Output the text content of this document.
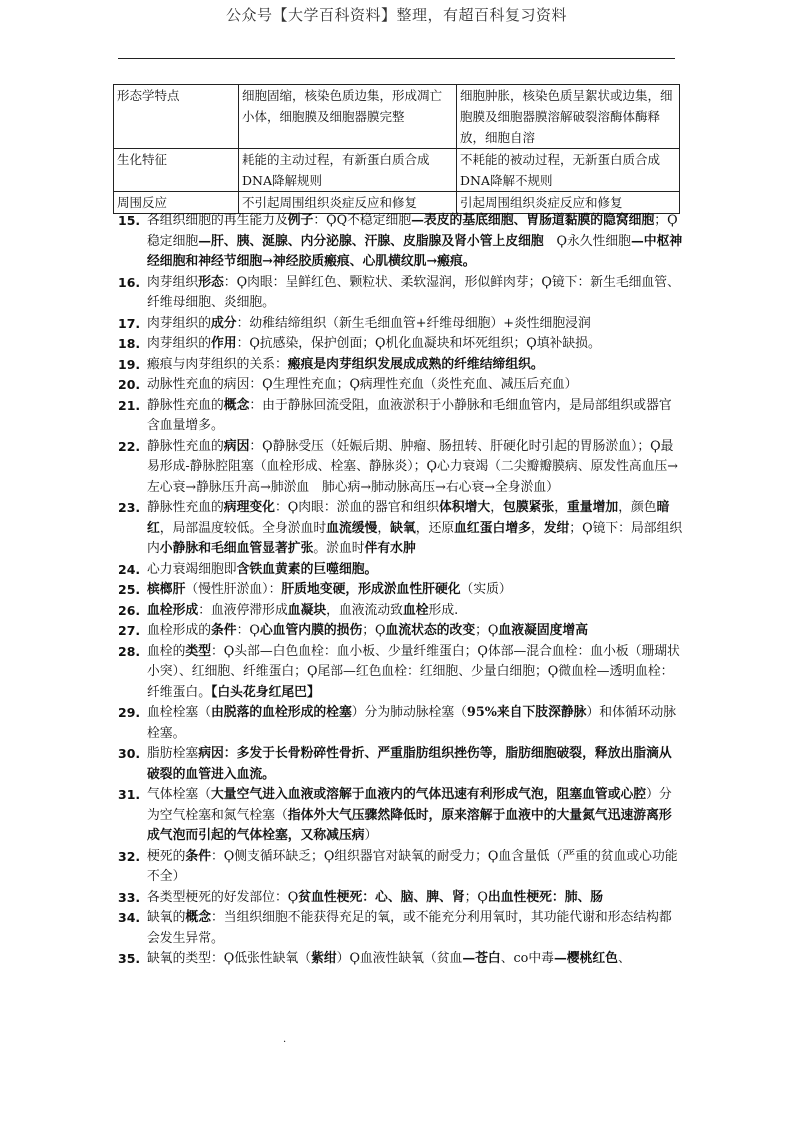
公众号【大学百科资料】整理，有超百科复习资料
形态学特点	细胞固缩，核染色质边集，形成凋亡小体，细胞膜及细胞器膜完整	细胞肿胀，核染色质呈絮状或边集，细胞膜及细胞器膜溶解破裂溶酶体酶释放，细胞自溶
生化特征	耗能的主动过程，有新蛋白质合成DNA降解规则	不耗能的被动过程，无新蛋白质合成　DNA降解不规则
周围反应	不引起周围组织炎症反应和修复	引起周围组织炎症反应和修复
15. 各组织细胞的再生能力及例子：ϘQ不稳定细胞—表皮的基底细胞、胃肠道黏膜的隐窝细胞；Ϙ稳定细胞—肝、胰、涎腺、内分泌腺、汗腺、皮脂腺及肾小管上皮细胞　Ϙ永久性细胞—中枢神经细胞和神经节细胞→神经胶质瘢痕、心肌横纹肌→瘢痕。
16. 肉芽组织形态：Ϙ肉眼：呈鲜红色、颗粒状、柔软湿润，形似鲜肉芽；Ϙ镜下：新生毛细血管、纤维母细胞、炎细胞。
17. 肉芽组织的成分：幼稚结缔组织（新生毛细血管+纤维母细胞）+炎性细胞浸润
18. 肉芽组织的作用：Ϙ抗感染，保护创面；Ϙ机化血凝块和坏死组织；Ϙ填补缺损。
19. 瘢痕与肉芽组织的关系：瘢痕是肉芽组织发展成成熟的纤维结缔组织。
20. 动脉性充血的病因：Ϙ生理性充血；Ϙ病理性充血（炎性充血、减压后充血）
21. 静脉性充血的概念：由于静脉回流受阻，血液淤积于小静脉和毛细血管内，是局部组织或器官含血量增多。
22. 静脉性充血的病因：Ϙ静脉受压（妊娠后期、肿瘤、肠扭转、肝硬化时引起的胃肠淤血）；Ϙ最易形成-静脉腔阻塞（血栓形成、栓塞、静脉炎）；Ϙ心力衰竭（二尖瓣瓣膜病、原发性高血压→左心衰→静脉压升高→肺淤血　肺心病→肺动脉高压→右心衰→全身淤血）
23. 静脉性充血的病理变化：Ϙ肉眼：淤血的器官和组织体积增大，包膜紧张，重量增加，颜色暗红，局部温度较低。全身淤血时血流缓慢，缺氧，还原血红蛋白增多，发绀；Ϙ镜下：局部组织内小静脉和毛细血管显著扩张。淤血时伴有水肿
24. 心力衰竭细胞即含铁血黄素的巨噬细胞。
25. 槟榔肝（慢性肝淤血）：肝质地变硬，形成淤血性肝硬化（实质）
26. 血栓形成：血液停滞形成血凝块，血液流动致血栓形成.
27. 血栓形成的条件：Ϙ心血管内膜的损伤；Ϙ血流状态的改变；Ϙ血液凝固度增高
28. 血栓的类型：Ϙ头部—白色血栓：血小板、少量纤维蛋白；Ϙ体部—混合血栓：血小板（珊瑚状小突）、红细胞、纤维蛋白；Ϙ尾部—红色血栓：红细胞、少量白细胞；Ϙ微血栓—透明血栓：纤维蛋白。【白头花身红尾巴】
29. 血栓栓塞（由脱落的血栓形成的栓塞）分为肺动脉栓塞（95%来自下肢深静脉）和体循环动脉栓塞。
30. 脂肪栓塞病因：多发于长骨粉碎性骨折、严重脂肪组织挫伤等，脂肪细胞破裂，释放出脂滴从破裂的血管进入血流。
31. 气体栓塞（大量空气进入血液或溶解于血液内的气体迅速有利形成气泡，阻塞血管或心腔）分为空气栓塞和氮气栓塞（指体外大气压骤然降低时，原来溶解于血液中的大量氮气迅速游离形成气泡而引起的气体栓塞，又称减压病）
32. 梗死的条件：Ϙ侧支循环缺乏；Ϙ组织器官对缺氧的耐受力；Ϙ血含量低（严重的贫血或心功能不全）
33. 各类型梗死的好发部位：Ϙ贫血性梗死：心、脑、脾、肾；Ϙ出血性梗死：肺、肠
34. 缺氧的概念：当组织细胞不能获得充足的氧，或不能充分利用氧时，其功能代谢和形态结构都会发生异常。
35. 缺氧的类型：Ϙ低张性缺氧（紫绀）Ϙ血液性缺氧（贫血—苍白、co中毒—樱桃红色、
.
